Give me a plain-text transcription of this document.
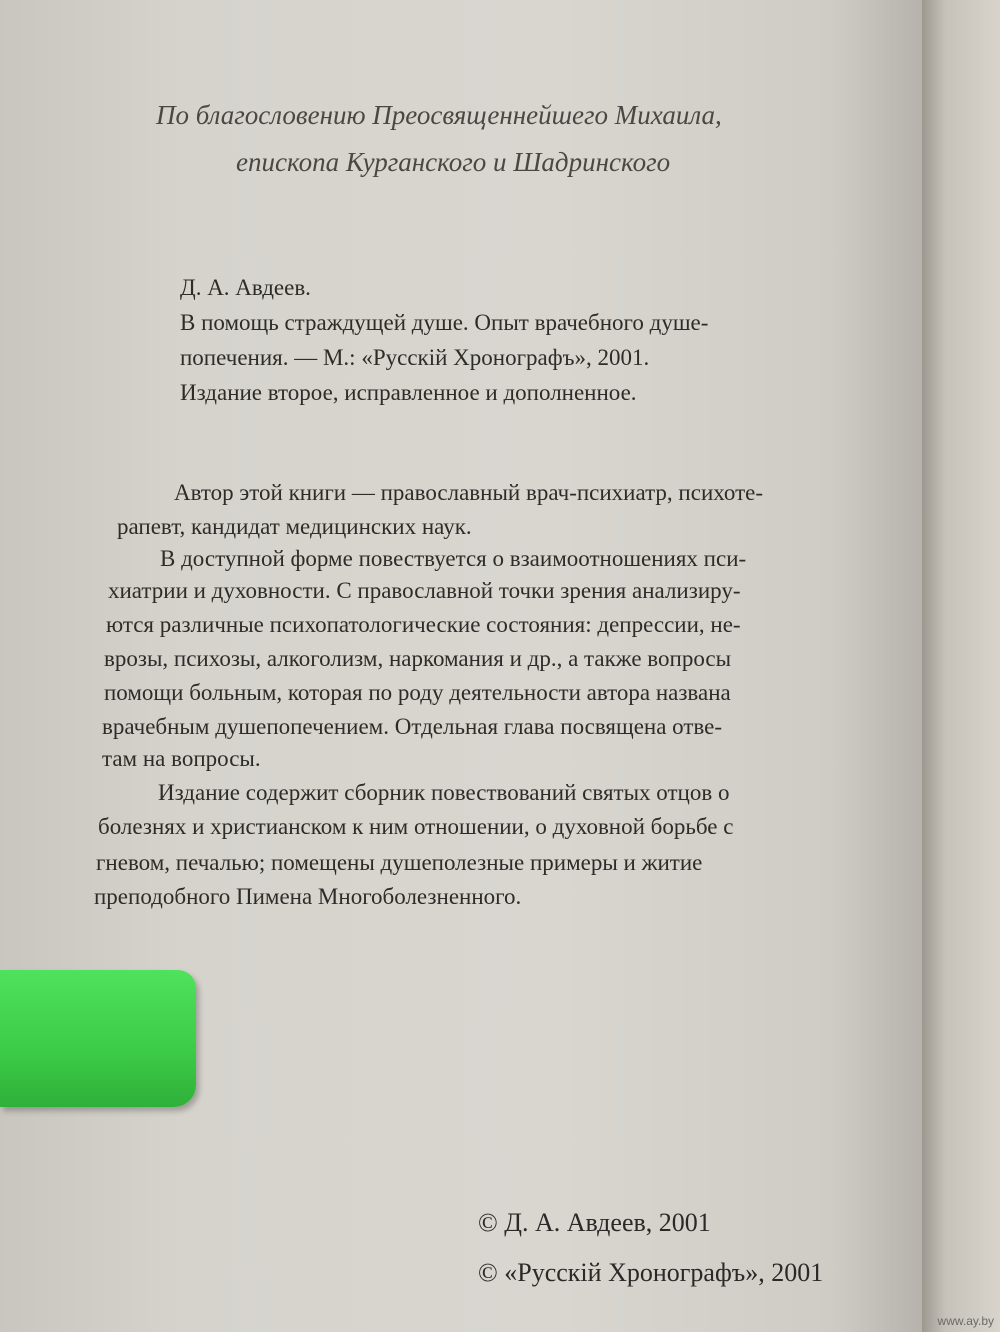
По благословению Преосвященнейшего Михаила,
епископа Курганского и Шадринского
Д. А. Авдеев.
В помощь страждущей душе. Опыт врачебного душе-
попечения. — М.: «Русскiй Хронографъ», 2001.
Издание второе, исправленное и дополненное.
Автор этой книги — православный врач-психиатр, психоте-
рапевт, кандидат медицинских наук.
В доступной форме повествуется о взаимоотношениях пси-
хиатрии и духовности. С православной точки зрения анализиру-
ются различные психопатологические состояния: депрессии, не-
врозы, психозы, алкоголизм, наркомания и др., а также вопросы
помощи больным, которая по роду деятельности автора названа
врачебным душепопечением. Отдельная глава посвящена отве-
там на вопросы.
Издание содержит сборник повествований святых отцов о
болезнях и христианском к ним отношении, о духовной борьбе с
гневом, печалью; помещены душеполезные примеры и житие
преподобного Пимена Многоболезненного.
© Д. А. Авдеев, 2001
© «Русскiй Хронографъ», 2001
www.ay.by
